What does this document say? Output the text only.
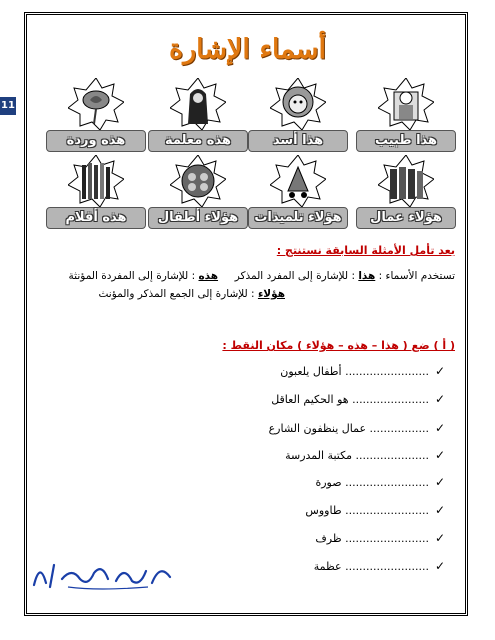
11
أسماء الإشارة
هذا طبيب
هذا أسد
هذه معلمة
هذه وردة
هؤلاء عمال
هؤلاء تلميذات
هؤلاء أطفال
هذه أقلام
بعد تأمل الأمثلة السابقة نستنتج :
تستخدم الأسماء : هذا : للإشارة إلى المفرد المذكر     هذه : للإشارة إلى المفردة المؤنثة
هؤلاء : للإشارة إلى الجمع المذكر والمؤنث
( أ ) ضع ( هذا – هذه – هؤلاء ) مكان النقط :
✓........................ أطفال يلعبون
✓...................... هو الحكيم العاقل
✓................. عمال ينظفون الشارع
✓..................... مكتبة المدرسة
✓........................ صورة
✓........................ طاووس
✓........................ ظرف
✓........................ عظمة
